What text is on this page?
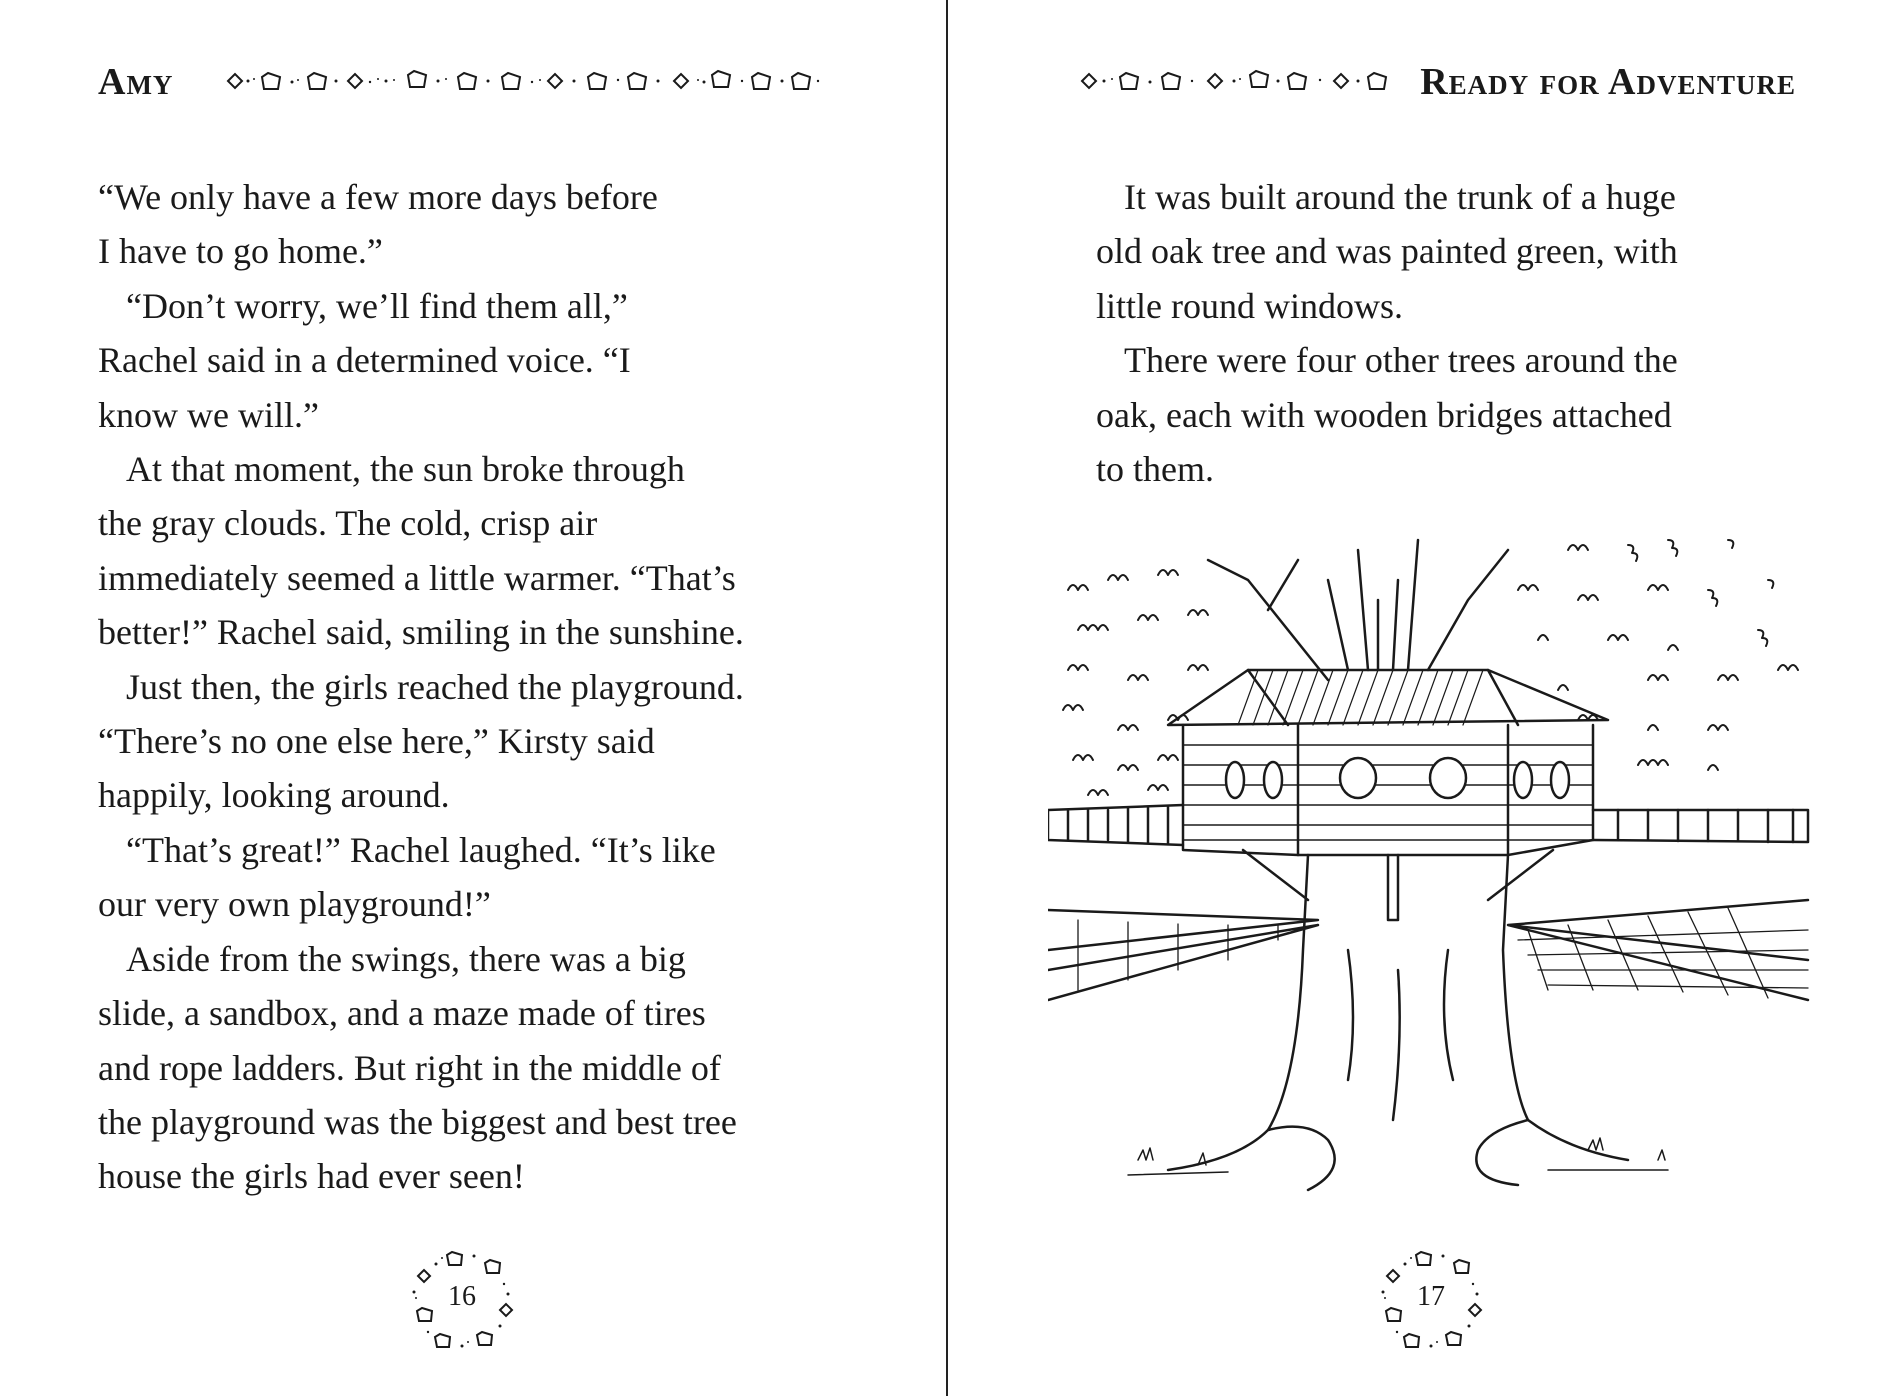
Amy
“We only have a few more days before
I have to go home.”
“Don’t worry, we’ll find them all,”
Rachel said in a determined voice. “I
know we will.”
At that moment, the sun broke through
the gray clouds. The cold, crisp air
immediately seemed a little warmer. “That’s
better!” Rachel said, smiling in the sunshine.
Just then, the girls reached the playground.
“There’s no one else here,” Kirsty said
happily, looking around.
“That’s great!” Rachel laughed. “It’s like
our very own playground!”
Aside from the swings, there was a big
slide, a sandbox, and a maze made of tires
and rope ladders. But right in the middle of
the playground was the biggest and best tree
house the girls had ever seen!
16
Ready for Adventure
It was built around the trunk of a huge
old oak tree and was painted green, with
little round windows.
There were four other trees around the
oak, each with wooden bridges attached
to them.
17
